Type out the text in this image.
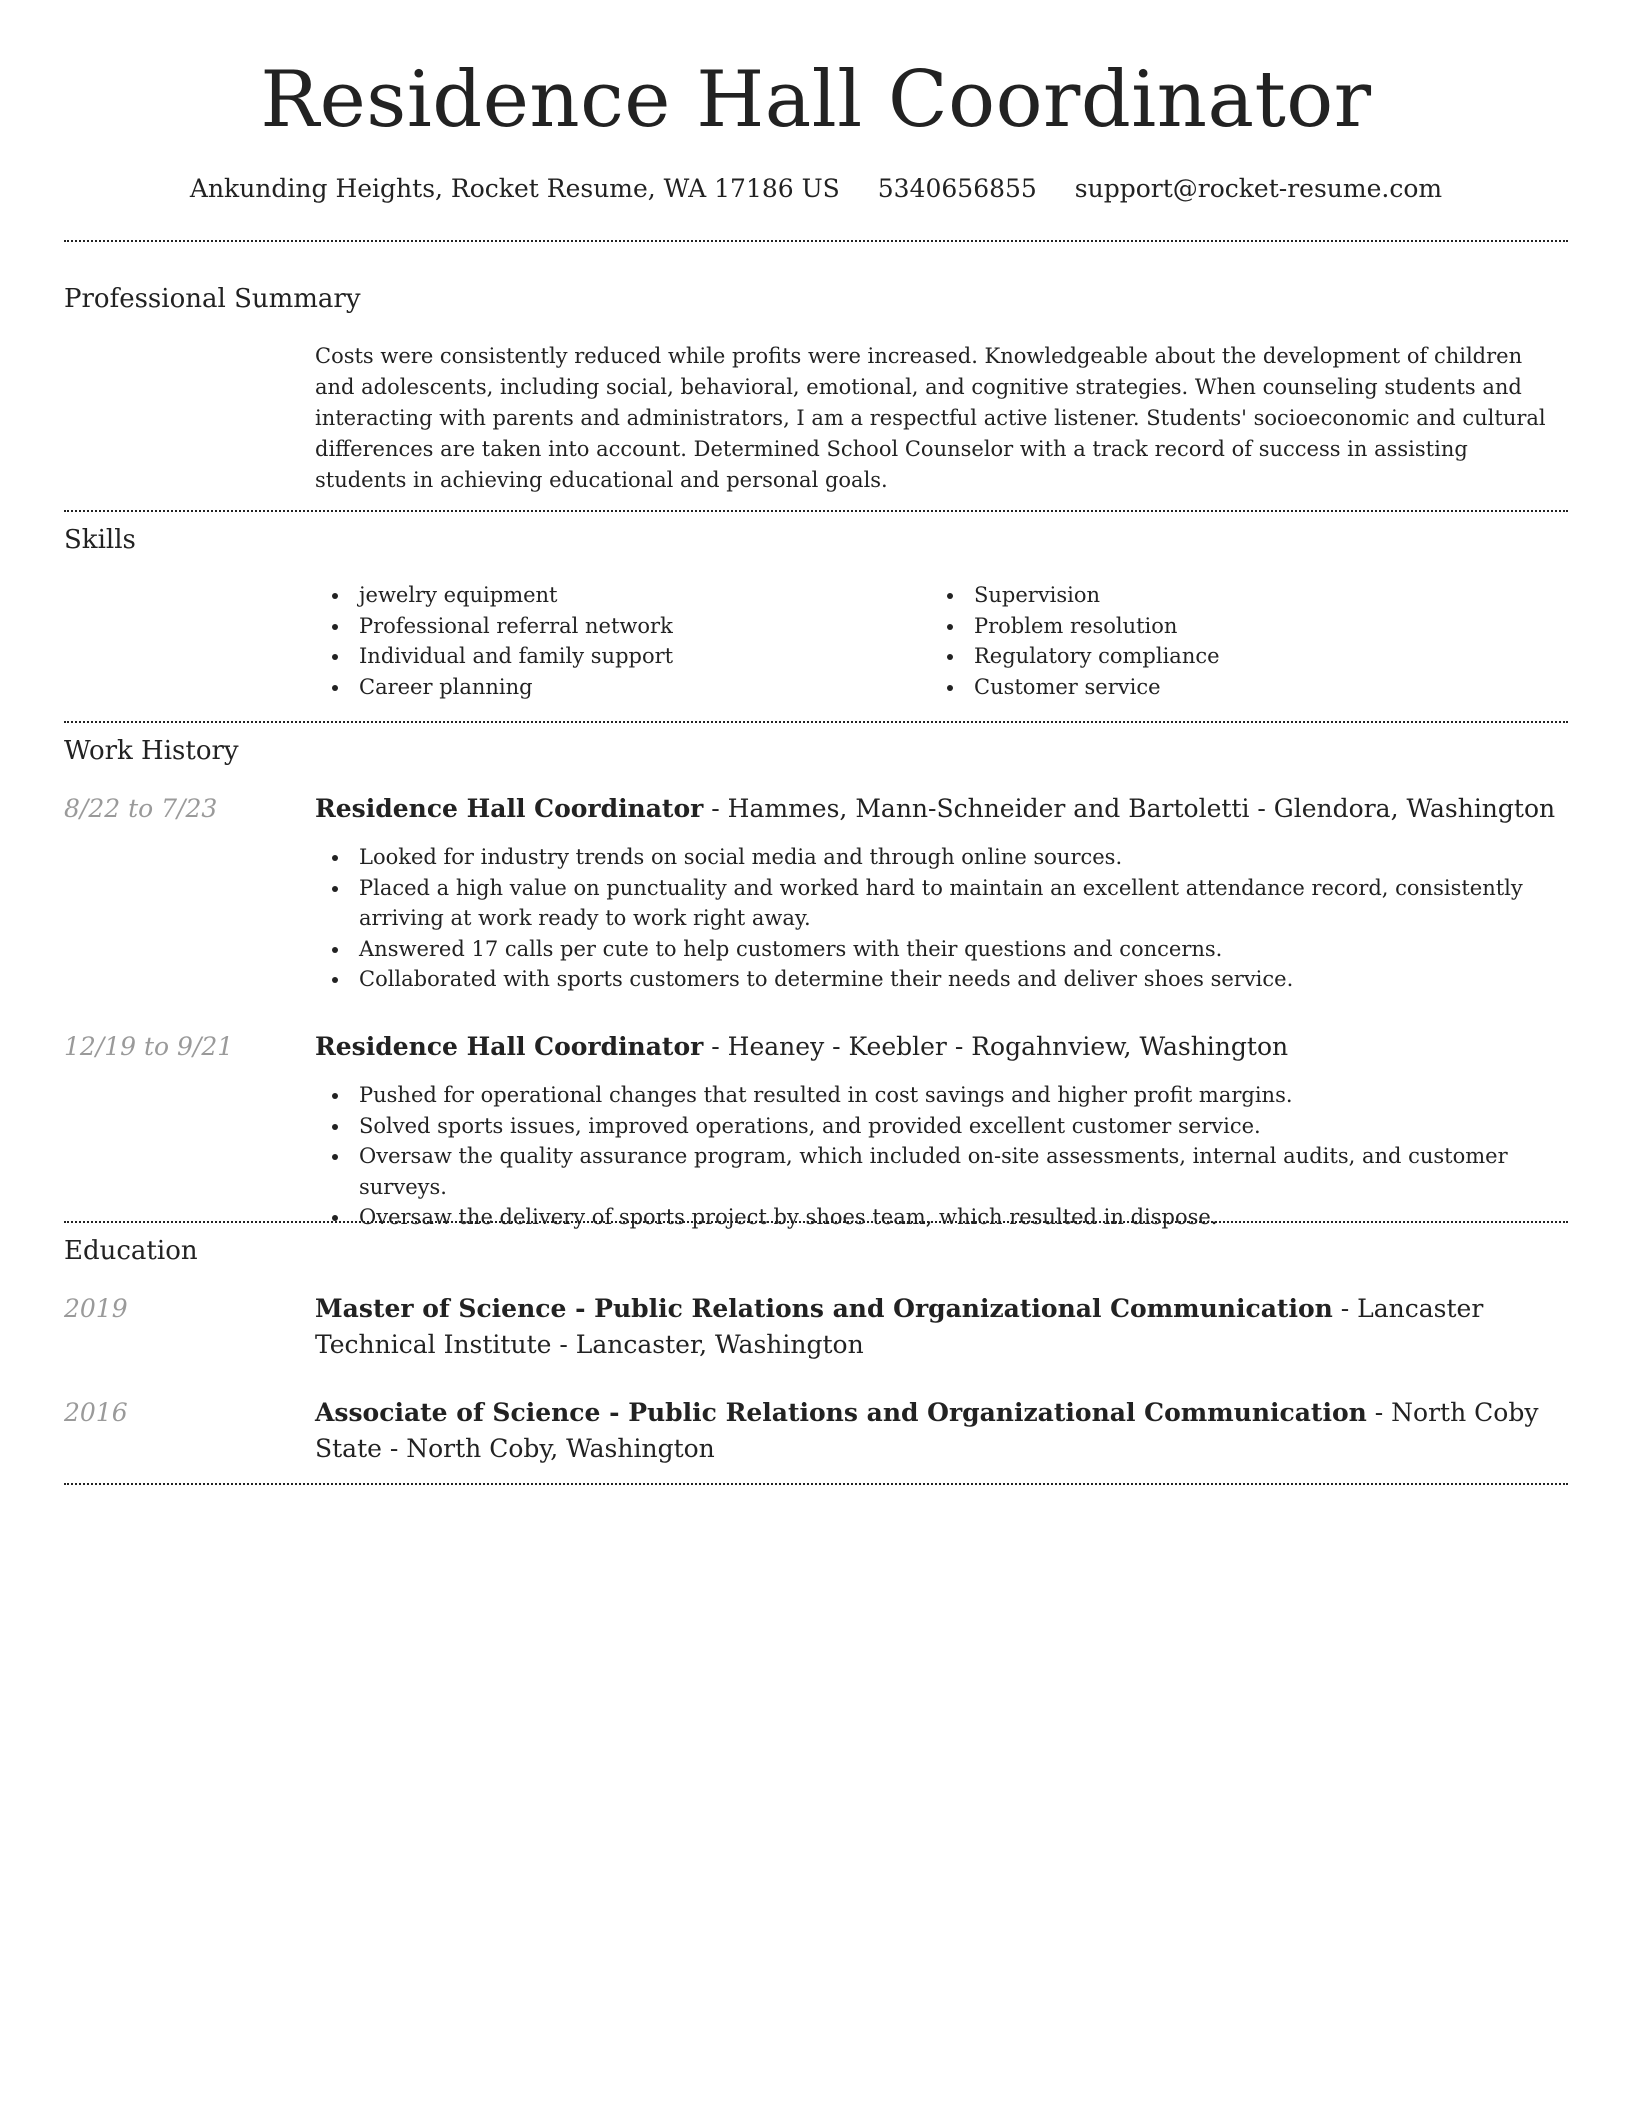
Residence Hall Coordinator
Ankunding Heights, Rocket Resume, WA 17186 US 5340656855 support@rocket-resume.com
Professional Summary

Costs were consistently reduced while profits were increased. Knowledgeable about the development of children and adolescents, including social, behavioral, emotional, and cognitive strategies. When counseling students and interacting with parents and administrators, I am a respectful active listener. Students' socioeconomic and cultural differences are taken into account. Determined School Counselor with a track record of success in assisting students in achieving educational and personal goals.

Skills
jewelry equipment
Professional referral network
Individual and family support
Career planning
Supervision
Problem resolution
Regulatory compliance
Customer service
Work History
8/22 to 7/23	Residence Hall Coordinator - Hammes, Mann-Schneider and Bartoletti - Glendora, Washington
Looked for industry trends on social media and through online sources.
Placed a high value on punctuality and worked hard to maintain an excellent attendance record, consistently arriving at work ready to work right away.
Answered 17 calls per cute to help customers with their questions and concerns.
Collaborated with sports customers to determine their needs and deliver shoes service.
12/19 to 9/21	Residence Hall Coordinator - Heaney - Keebler - Rogahnview, Washington
Pushed for operational changes that resulted in cost savings and higher profit margins.
Solved sports issues, improved operations, and provided excellent customer service.
Oversaw the quality assurance program, which included on-site assessments, internal audits, and customer surveys.
Oversaw the delivery of sports project by shoes team, which resulted in dispose.
Education
2019	Master of Science - Public Relations and Organizational Communication - Lancaster Technical Institute - Lancaster, Washington
2016	Associate of Science - Public Relations and Organizational Communication - North Coby State - North Coby, Washington
